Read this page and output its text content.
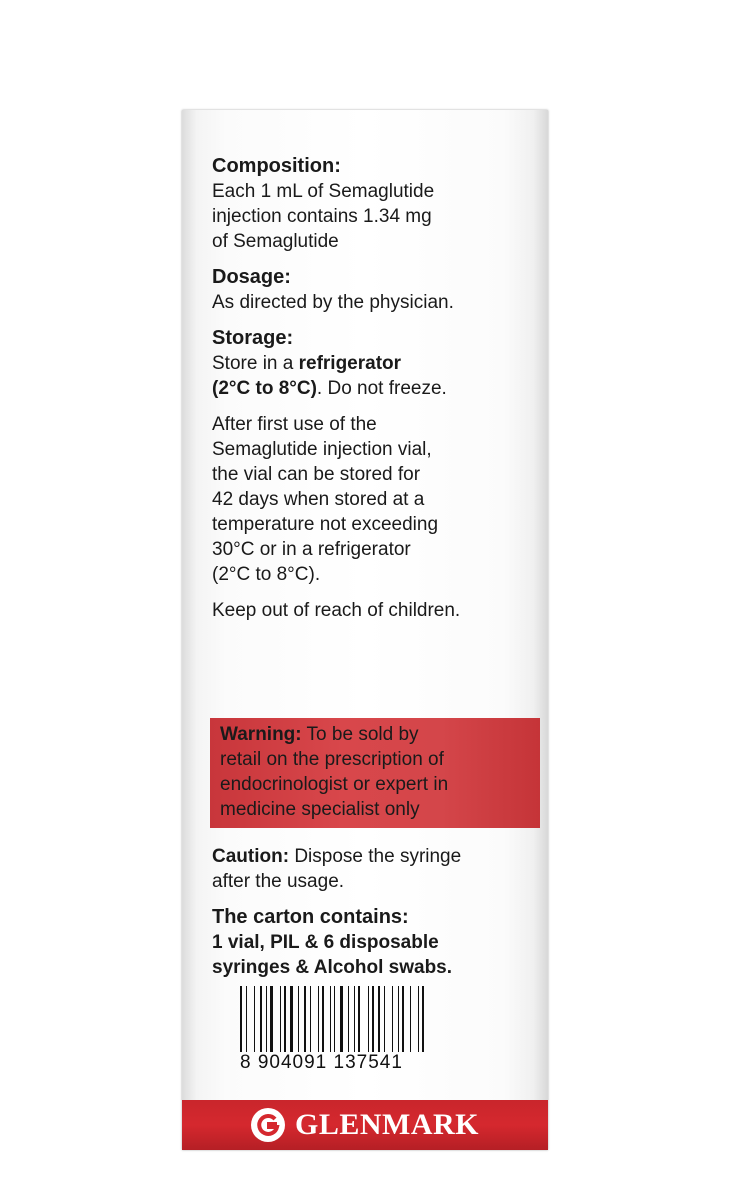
Composition:
Each 1 mL of Semaglutide
injection contains 1.34 mg
of Semaglutide
Dosage:
As directed by the physician.
Storage:
Store in a refrigerator
(2°C to 8°C). Do not freeze.
After first use of the
Semaglutide injection vial,
the vial can be stored for
42 days when stored at a
temperature not exceeding
30°C or in a refrigerator
(2°C to 8°C).
Keep out of reach of children.
Warning: To be sold by
retail on the prescription of
endocrinologist or expert in
medicine specialist only
Caution: Dispose the syringe
after the usage.
The carton contains:
1 vial, PIL & 6 disposable
syringes & Alcohol swabs.
8 904091 137541
GLENMARK
